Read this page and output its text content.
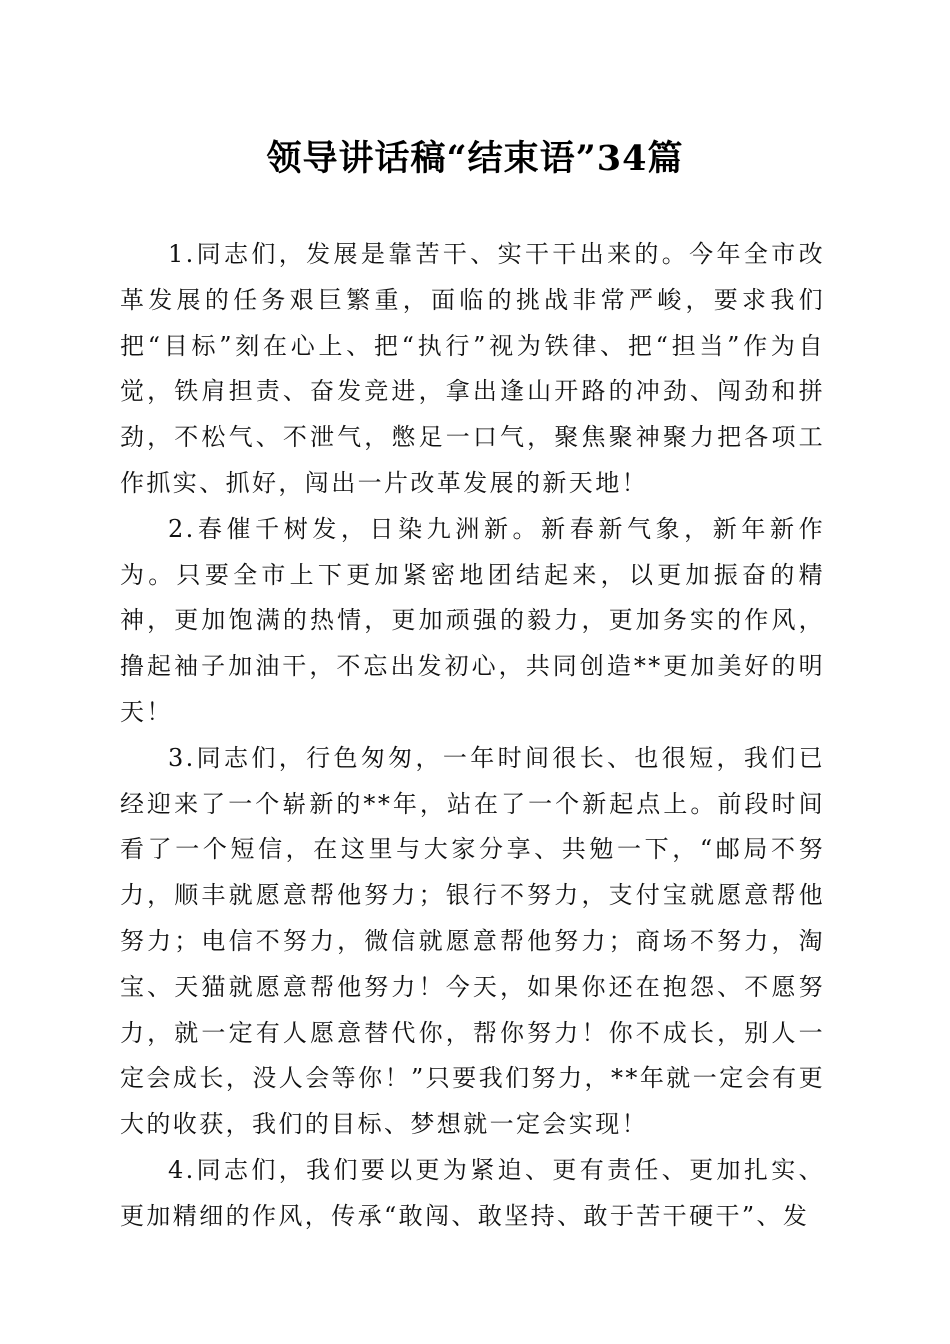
领导讲话稿“结束语”34篇

1.同志们，发展是靠苦干、实干干出来的。今年全市改革发展的任务艰巨繁重，面临的挑战非常严峻，要求我们把“目标”刻在心上、把“执行”视为铁律、把“担当”作为自觉，铁肩担责、奋发竞进，拿出逢山开路的冲劲、闯劲和拼劲，不松气、不泄气，憋足一口气，聚焦聚神聚力把各项工作抓实、抓好，闯出一片改革发展的新天地！

2.春催千树发，日染九洲新。新春新气象，新年新作为。只要全市上下更加紧密地团结起来，以更加振奋的精神，更加饱满的热情，更加顽强的毅力，更加务实的作风，撸起袖子加油干，不忘出发初心，共同创造**更加美好的明天！

3.同志们，行色匆匆，一年时间很长、也很短，我们已经迎来了一个崭新的**年，站在了一个新起点上。前段时间看了一个短信，在这里与大家分享、共勉一下，“邮局不努力，顺丰就愿意帮他努力；银行不努力，支付宝就愿意帮他努力；电信不努力，微信就愿意帮他努力；商场不努力，淘宝、天猫就愿意帮他努力！今天，如果你还在抱怨、不愿努力，就一定有人愿意替代你，帮你努力！你不成长，别人一定会成长，没人会等你！”只要我们努力，**年就一定会有更大的收获，我们的目标、梦想就一定会实现！

4.同志们，我们要以更为紧迫、更有责任、更加扎实、更加精细的作风，传承“敢闯、敢坚持、敢于苦干硬干”、发
